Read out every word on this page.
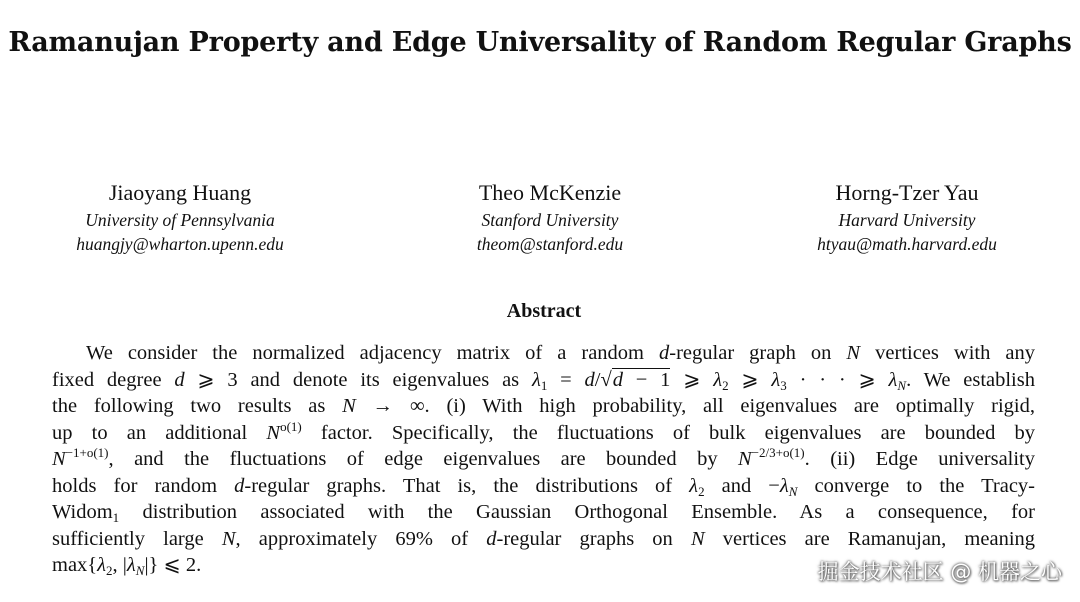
Ramanujan Property and Edge Universality of Random Regular Graphs
Jiaoyang Huang
University of Pennsylvania
huangjy@wharton.upenn.edu
Theo McKenzie
Stanford University
theom@stanford.edu
Horng-Tzer Yau
Harvard University
htyau@math.harvard.edu
Abstract
We consider the normalized adjacency matrix of a random d-regular graph on N vertices with any
fixed degree d ⩾ 3 and denote its eigenvalues as $\lambda_1 = d/√d - 1$ ⩾ $\lambda_2$ ⩾ $\lambda_3$ · · · ⩾ $\lambda_N$. We establish
the following two results as N → ∞. (i) With high probability, all eigenvalues are optimally rigid,
up to an additional $N^{o(1)}$ factor. Specifically, the fluctuations of bulk eigenvalues are bounded by
$N^{-1+o(1)}$, and the fluctuations of edge eigenvalues are bounded by $N^{-2/3+o(1)}$. (ii) Edge universality
holds for random d-regular graphs. That is, the distributions of $\lambda_2$ and $-\lambda_N$ converge to the Tracy-
Widom$_1$ distribution associated with the Gaussian Orthogonal Ensemble. As a consequence, for
sufficiently large N, approximately 69% of d-regular graphs on N vertices are Ramanujan, meaning
$\max\{\lambda_2$, $|\lambda_N|$} ⩽ 2.	掘金技术社区 @ 机器之心
